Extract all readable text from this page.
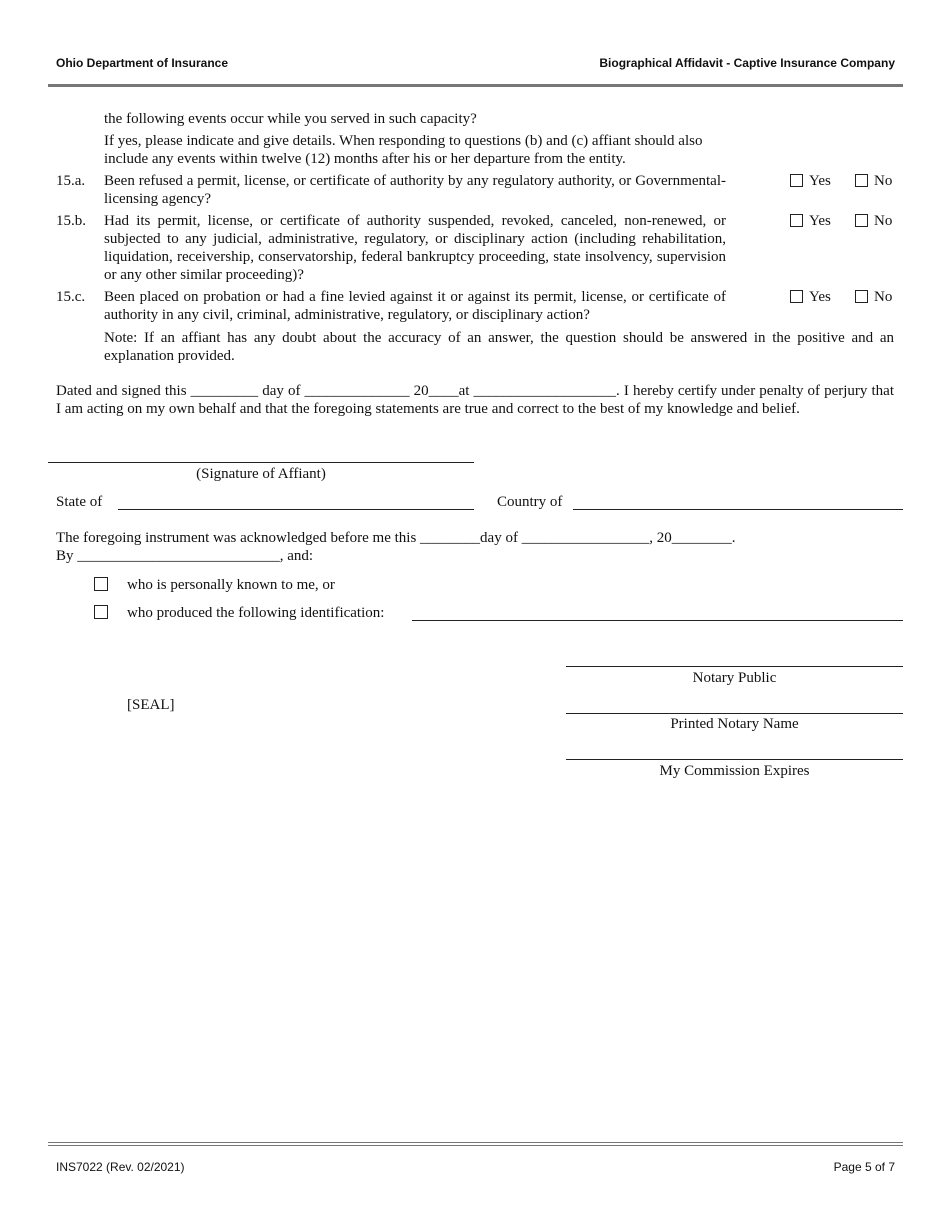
Ohio Department of Insurance	Biographical Affidavit - Captive Insurance Company
the following events occur while you served in such capacity?
If yes, please indicate and give details. When responding to questions (b) and (c) affiant should also include any events within twelve (12) months after his or her departure from the entity.
15.a. Been refused a permit, license, or certificate of authority by any regulatory authority, or Governmental-licensing agency?
Yes	No
15.b. Had its permit, license, or certificate of authority suspended, revoked, canceled, non-renewed, or subjected to any judicial, administrative, regulatory, or disciplinary action (including rehabilitation, liquidation, receivership, conservatorship, federal bankruptcy proceeding, state insolvency, supervision or any other similar proceeding)?
Yes	No
15.c. Been placed on probation or had a fine levied against it or against its permit, license, or certificate of authority in any civil, criminal, administrative, regulatory, or disciplinary action?
Yes	No
Note: If an affiant has any doubt about the accuracy of an answer, the question should be answered in the positive and an explanation provided.
Dated and signed this _________ day of ______________ 20____at ___________________. I hereby certify under penalty of perjury that I am acting on my own behalf and that the foregoing statements are true and correct to the best of my knowledge and belief.
(Signature of Affiant)
State of	Country of
The foregoing instrument was acknowledged before me this ________day of _________________, 20________.
By ___________________________, and:
who is personally known to me, or
who produced the following identification:
Notary Public
[SEAL]
Printed Notary Name
My Commission Expires
INS7022 (Rev. 02/2021)	Page 5 of 7
